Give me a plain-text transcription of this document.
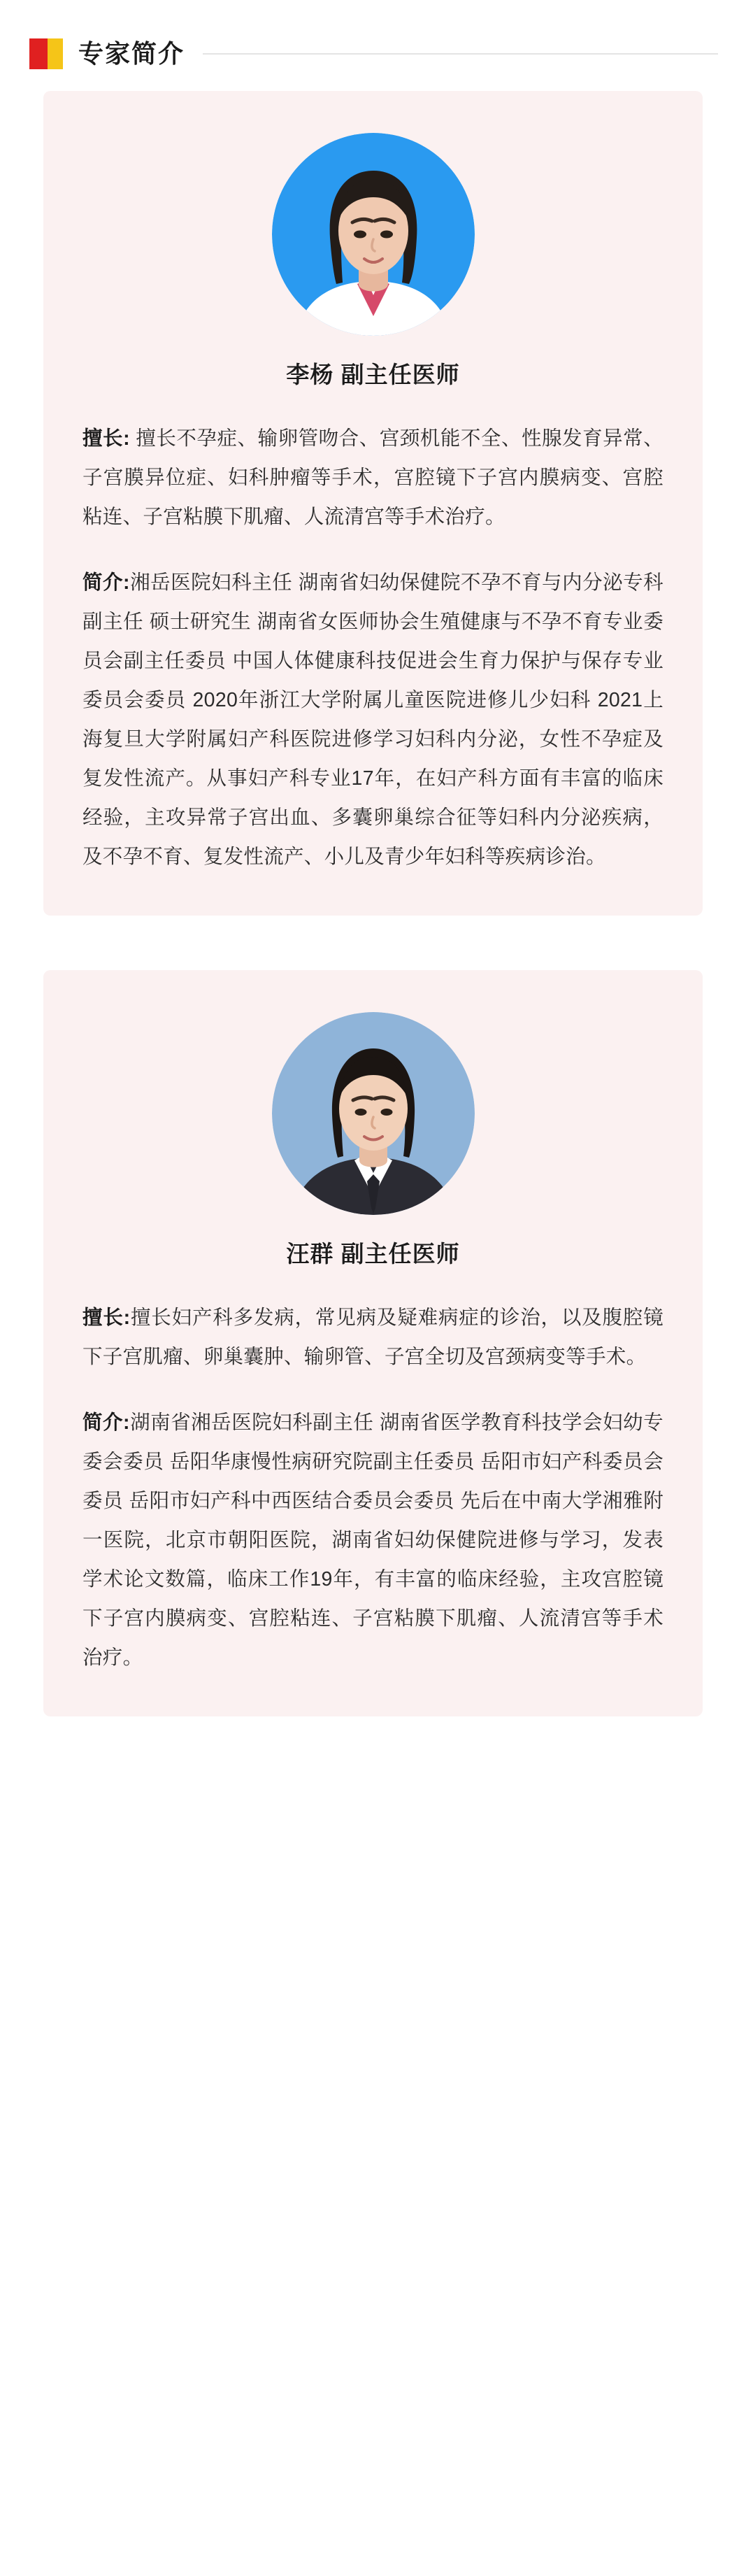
专家简介
李杨 副主任医师

擅长: 擅长不孕症、输卵管吻合、宫颈机能不全、性腺发育异常、子宫膜异位症、妇科肿瘤等手术，宫腔镜下子宫内膜病变、宫腔粘连、子宫粘膜下肌瘤、人流清宫等手术治疗。

简介:湘岳医院妇科主任 湖南省妇幼保健院不孕不育与内分泌专科副主任 硕士研究生 湖南省女医师协会生殖健康与不孕不育专业委员会副主任委员 中国人体健康科技促进会生育力保护与保存专业委员会委员 2020年浙江大学附属儿童医院进修儿少妇科 2021上海复旦大学附属妇产科医院进修学习妇科内分泌，女性不孕症及复发性流产。从事妇产科专业17年，在妇产科方面有丰富的临床经验，主攻异常子宫出血、多囊卵巢综合征等妇科内分泌疾病，及不孕不育、复发性流产、小儿及青少年妇科等疾病诊治。

汪群 副主任医师

擅长:擅长妇产科多发病，常见病及疑难病症的诊治，以及腹腔镜下子宫肌瘤、卵巢囊肿、输卵管、子宫全切及宫颈病变等手术。

简介:湖南省湘岳医院妇科副主任 湖南省医学教育科技学会妇幼专委会委员 岳阳华康慢性病研究院副主任委员 岳阳市妇产科委员会委员 岳阳市妇产科中西医结合委员会委员 先后在中南大学湘雅附一医院，北京市朝阳医院，湖南省妇幼保健院进修与学习，发表学术论文数篇，临床工作19年，有丰富的临床经验，主攻宫腔镜下子宫内膜病变、宫腔粘连、子宫粘膜下肌瘤、人流清宫等手术治疗。
